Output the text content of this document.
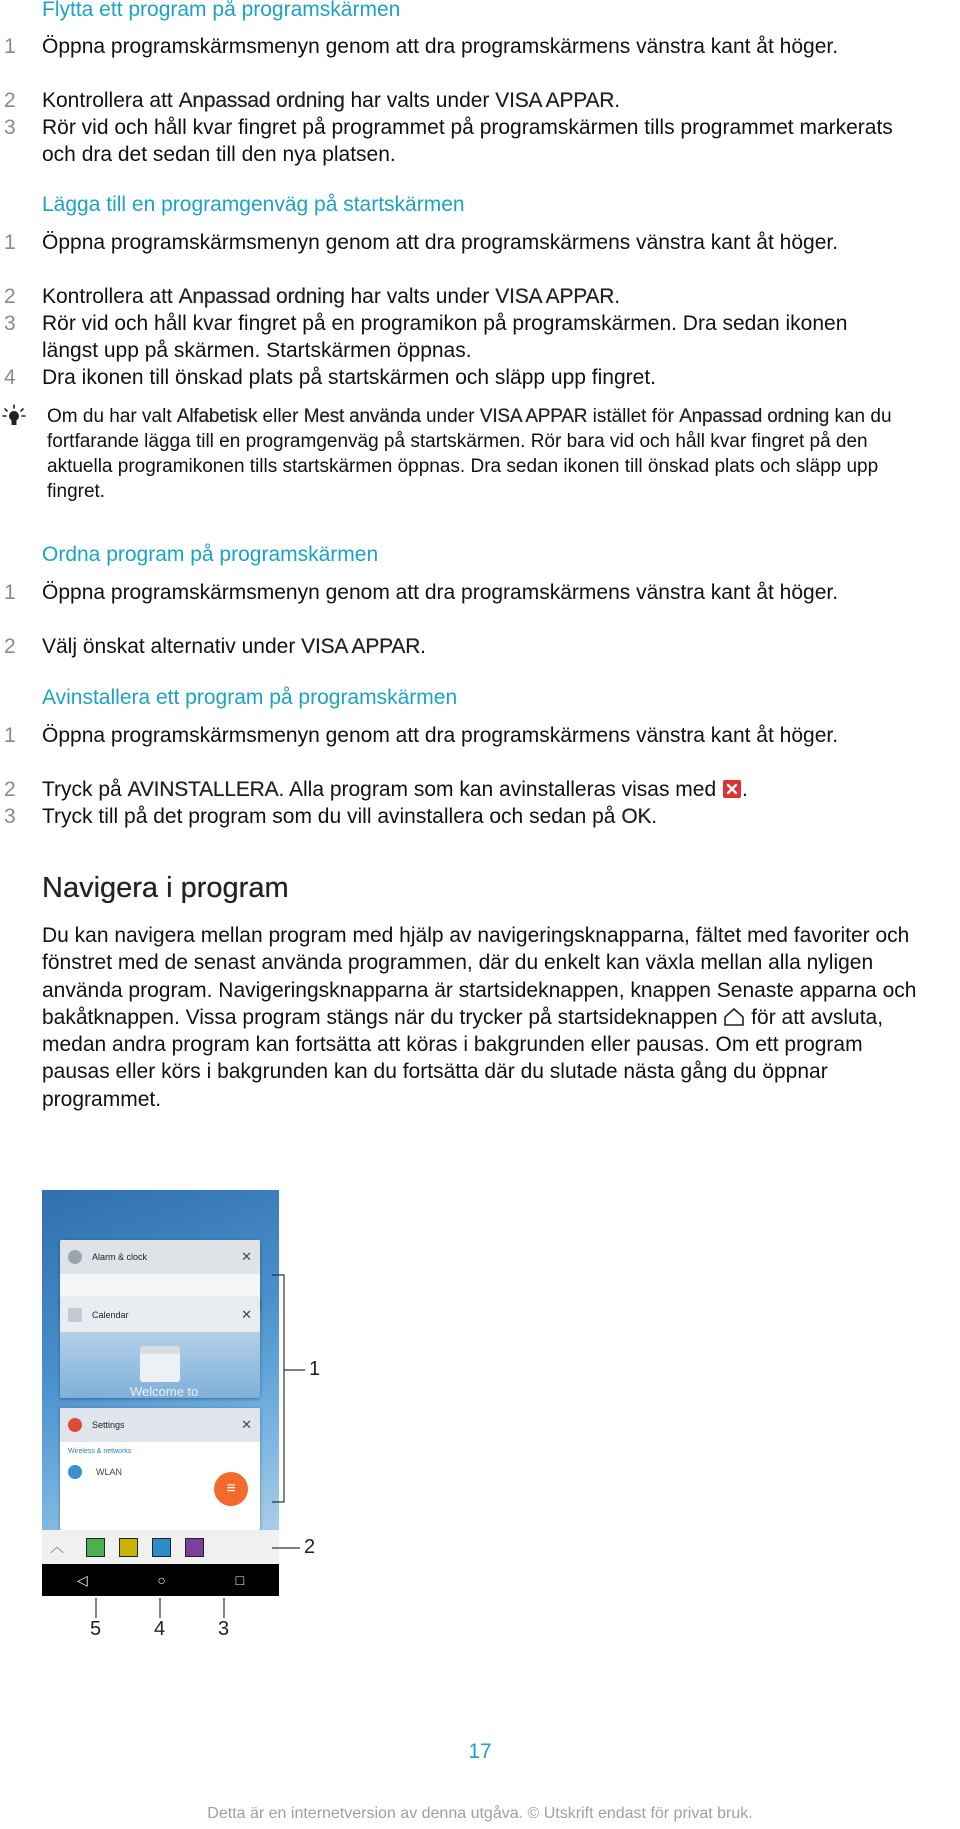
Flytta ett program på programskärmen
1 Öppna programskärmsmenyn genom att dra programskärmens vänstra kant åt höger.
2 Kontrollera att Anpassad ordning har valts under VISA APPAR.
3 Rör vid och håll kvar fingret på programmet på programskärmen tills programmet markerats och dra det sedan till den nya platsen.
Lägga till en programgenväg på startskärmen
1 Öppna programskärmsmenyn genom att dra programskärmens vänstra kant åt höger.
2 Kontrollera att Anpassad ordning har valts under VISA APPAR.
3 Rör vid och håll kvar fingret på en programikon på programskärmen. Dra sedan ikonen längst upp på skärmen. Startskärmen öppnas.
4 Dra ikonen till önskad plats på startskärmen och släpp upp fingret.
Om du har valt Alfabetisk eller Mest använda under VISA APPAR istället för Anpassad ordning kan du fortfarande lägga till en programgenväg på startskärmen. Rör bara vid och håll kvar fingret på den aktuella programikonen tills startskärmen öppnas. Dra sedan ikonen till önskad plats och släpp upp fingret.
Ordna program på programskärmen
1 Öppna programskärmsmenyn genom att dra programskärmens vänstra kant åt höger.
2 Välj önskat alternativ under VISA APPAR.
Avinstallera ett program på programskärmen
1 Öppna programskärmsmenyn genom att dra programskärmens vänstra kant åt höger.
2 Tryck på AVINSTALLERA. Alla program som kan avinstalleras visas med .
3 Tryck till på det program som du vill avinstallera och sedan på OK.
Navigera i program
Du kan navigera mellan program med hjälp av navigeringsknapparna, fältet med favoriter och fönstret med de senast använda programmen, där du enkelt kan växla mellan alla nyligen använda program. Navigeringsknapparna är startsideknappen, knappen Senaste apparna och bakåtknappen. Vissa program stängs när du trycker på startsideknappen  för att avsluta, medan andra program kan fortsätta att köras i bakgrunden eller pausas. Om ett program pausas eller körs i bakgrunden kan du fortsätta där du slutade nästa gång du öppnar programmet.
Alarm & clock	✕
Calendar	✕
Welcome to
Settings	✕
Wireless & networks
WLAN
≡
︿
◁	○	□
1
2
3
4
5
17
Detta är en internetversion av denna utgåva. © Utskrift endast för privat bruk.
